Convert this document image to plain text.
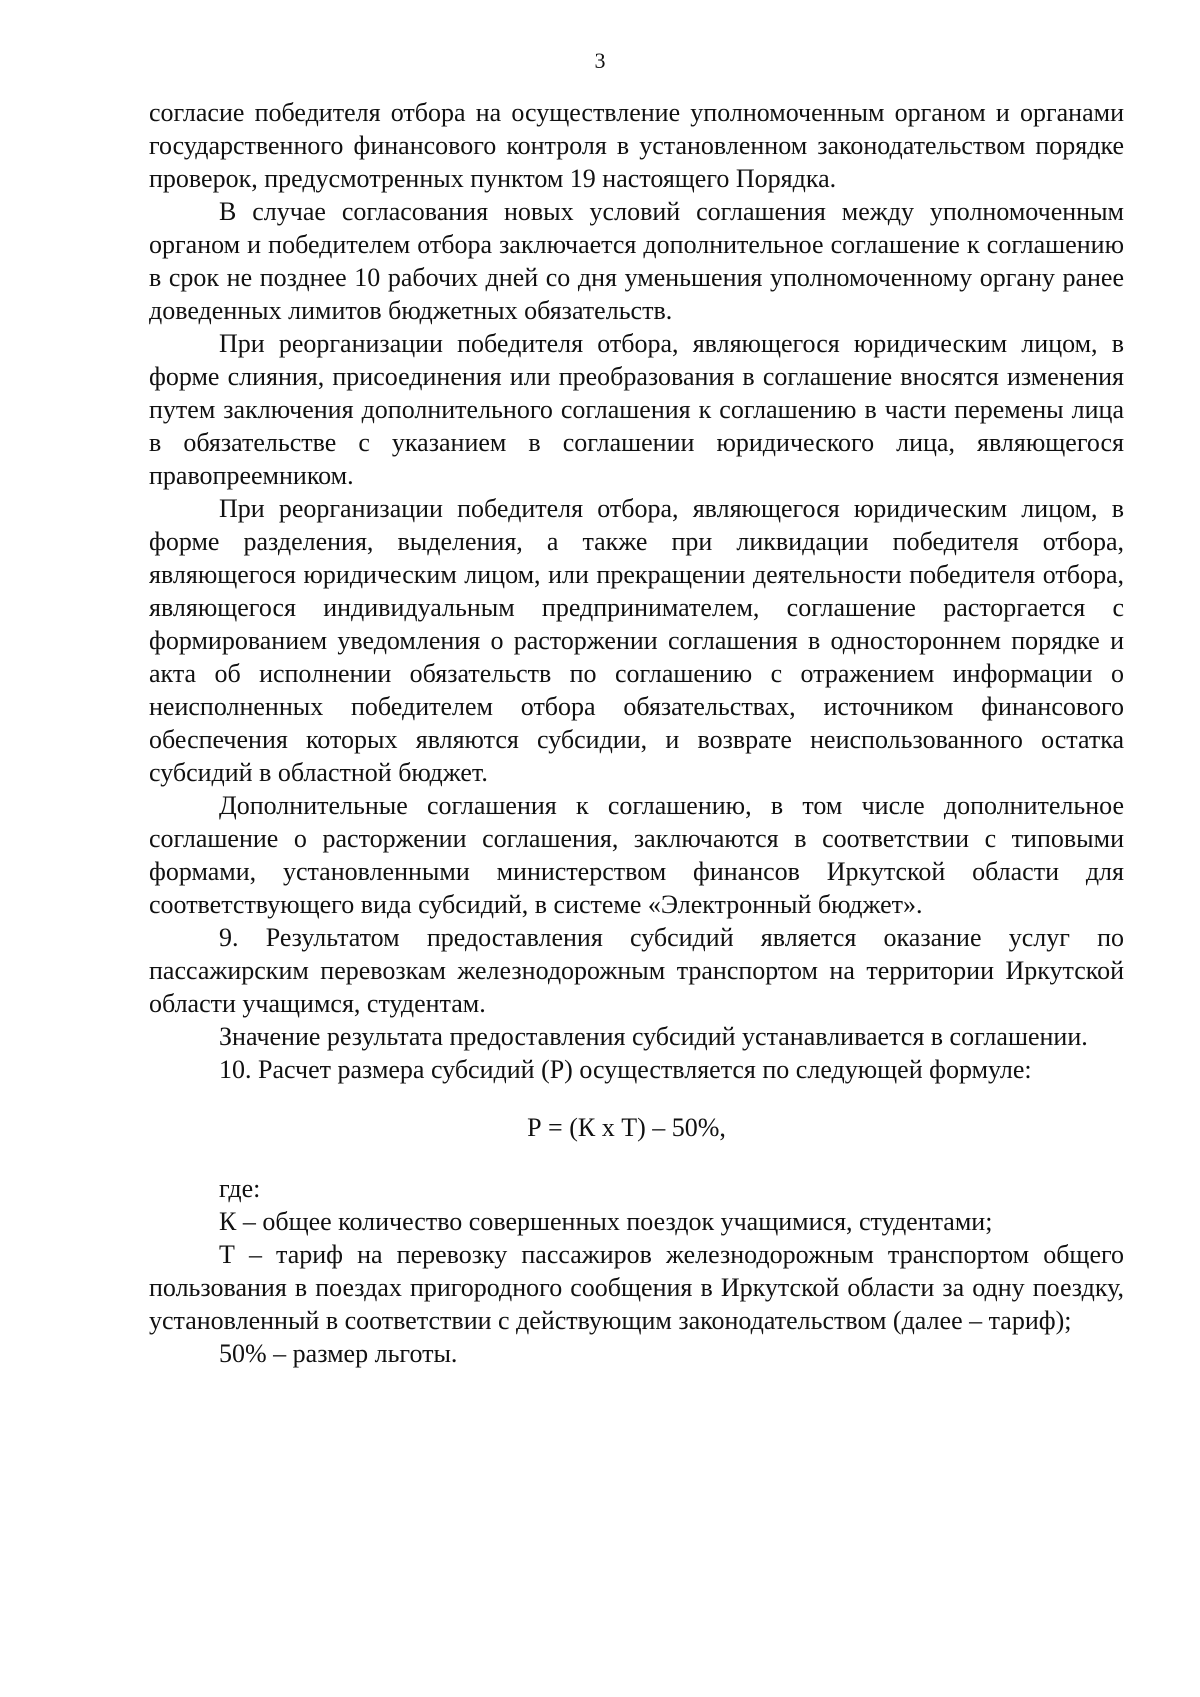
3

согласие победителя отбора на осуществление уполномоченным органом и органами государственного финансового контроля в установленном законодательством порядке проверок, предусмотренных пунктом 19 настоящего Порядка.

В случае согласования новых условий соглашения между уполномоченным органом и победителем отбора заключается дополнительное соглашение к соглашению в срок не позднее 10 рабочих дней со дня уменьшения уполномоченному органу ранее доведенных лимитов бюджетных обязательств.

При реорганизации победителя отбора, являющегося юридическим лицом, в форме слияния, присоединения или преобразования в соглашение вносятся изменения путем заключения дополнительного соглашения к соглашению в части перемены лица в обязательстве с указанием в соглашении юридического лица, являющегося правопреемником.

При реорганизации победителя отбора, являющегося юридическим лицом, в форме разделения, выделения, а также при ликвидации победителя отбора, являющегося юридическим лицом, или прекращении деятельности победителя отбора, являющегося индивидуальным предпринимателем, соглашение расторгается с формированием уведомления о расторжении соглашения в одностороннем порядке и акта об исполнении обязательств по соглашению с отражением информации о неисполненных победителем отбора обязательствах, источником финансового обеспечения которых являются субсидии, и возврате неиспользованного остатка субсидий в областной бюджет.

Дополнительные соглашения к соглашению, в том числе дополнительное соглашение о расторжении соглашения, заключаются в соответствии с типовыми формами, установленными министерством финансов Иркутской области для соответствующего вида субсидий, в системе «Электронный бюджет».

9. Результатом предоставления субсидий является оказание услуг по пассажирским перевозкам железнодорожным транспортом на территории Иркутской области учащимся, студентам.

Значение результата предоставления субсидий устанавливается в соглашении.

10. Расчет размера субсидий (Р) осуществляется по следующей формуле:

Р = (К х Т) – 50%,

где:

К – общее количество совершенных поездок учащимися, студентами;

Т – тариф на перевозку пассажиров железнодорожным транспортом общего пользования в поездах пригородного сообщения в Иркутской области за одну поездку, установленный в соответствии с действующим законодательством (далее – тариф);

50% – размер льготы.
